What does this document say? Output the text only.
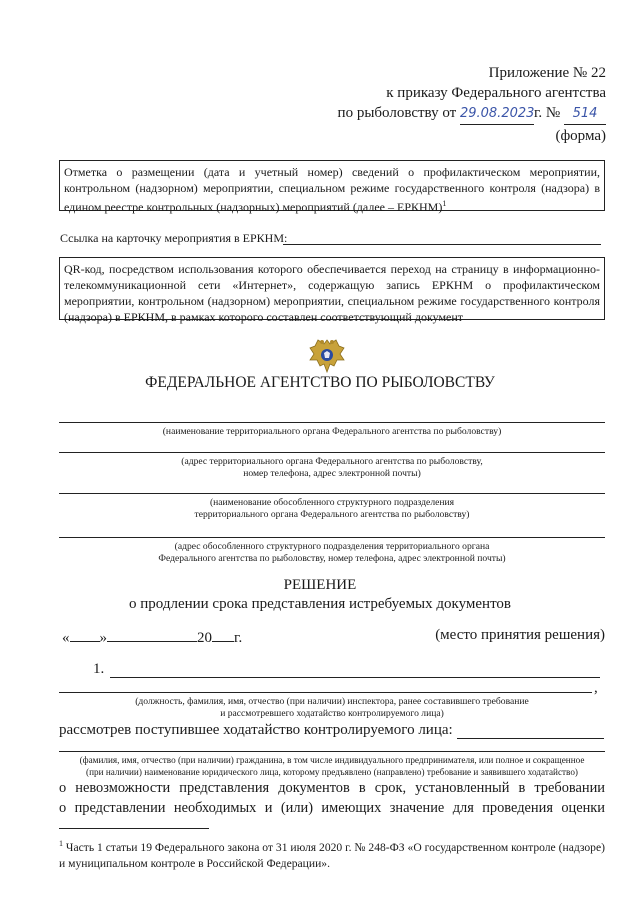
Приложение № 22
к приказу Федерального агентства
по рыболовству от 29.08.2023г. № 514
(форма)
Отметка о размещении (дата и учетный номер) сведений о профилактическом мероприятии, контрольном (надзорном) мероприятии, специальном режиме государственного контроля (надзора) в едином реестре контрольных (надзорных) мероприятий (далее – ЕРКНМ)$^1$
Ссылка на карточку мероприятия в ЕРКНМ:
QR-код, посредством использования которого обеспечивается переход на страницу в информационно-телекоммуникационной сети «Интернет», содержащую запись ЕРКНМ о профилактическом мероприятии, контрольном (надзорном) мероприятии, специальном режиме государственного контроля (надзора) в ЕРКНМ, в рамках которого составлен соответствующий документ
ФЕДЕРАЛЬНОЕ АГЕНТСТВО ПО РЫБОЛОВСТВУ
(наименование территориального органа Федерального агентства по рыболовству)
(адрес территориального органа Федерального агентства по рыболовству,
номер телефона, адрес электронной почты)
(наименование обособленного структурного подразделения
территориального органа Федерального агентства по рыболовству)
(адрес обособленного структурного подразделения территориального органа
Федерального агентства по рыболовству, номер телефона, адрес электронной почты)
РЕШЕНИЕ
о продлении срока представления истребуемых документов
« »	20 г.	(место принятия решения)
1.
,
(должность, фамилия, имя, отчество (при наличии) инспектора, ранее составившего требование
и рассмотревшего ходатайство контролируемого лица)
рассмотрев поступившее ходатайство контролируемого лица:
(фамилия, имя, отчество (при наличии) гражданина, в том числе индивидуального предпринимателя, или полное и сокращенное
(при наличии) наименование юридического лица, которому предъявлено (направлено) требование и заявившего ходатайство)
о невозможности представления документов в срок, установленный в требовании
о представлении необходимых и (или) имеющих значение для проведения оценки
$^1$ Часть 1 статьи 19 Федерального закона от 31 июля 2020 г. № 248-ФЗ «О государственном контроле (надзоре) и муниципальном контроле в Российской Федерации».
